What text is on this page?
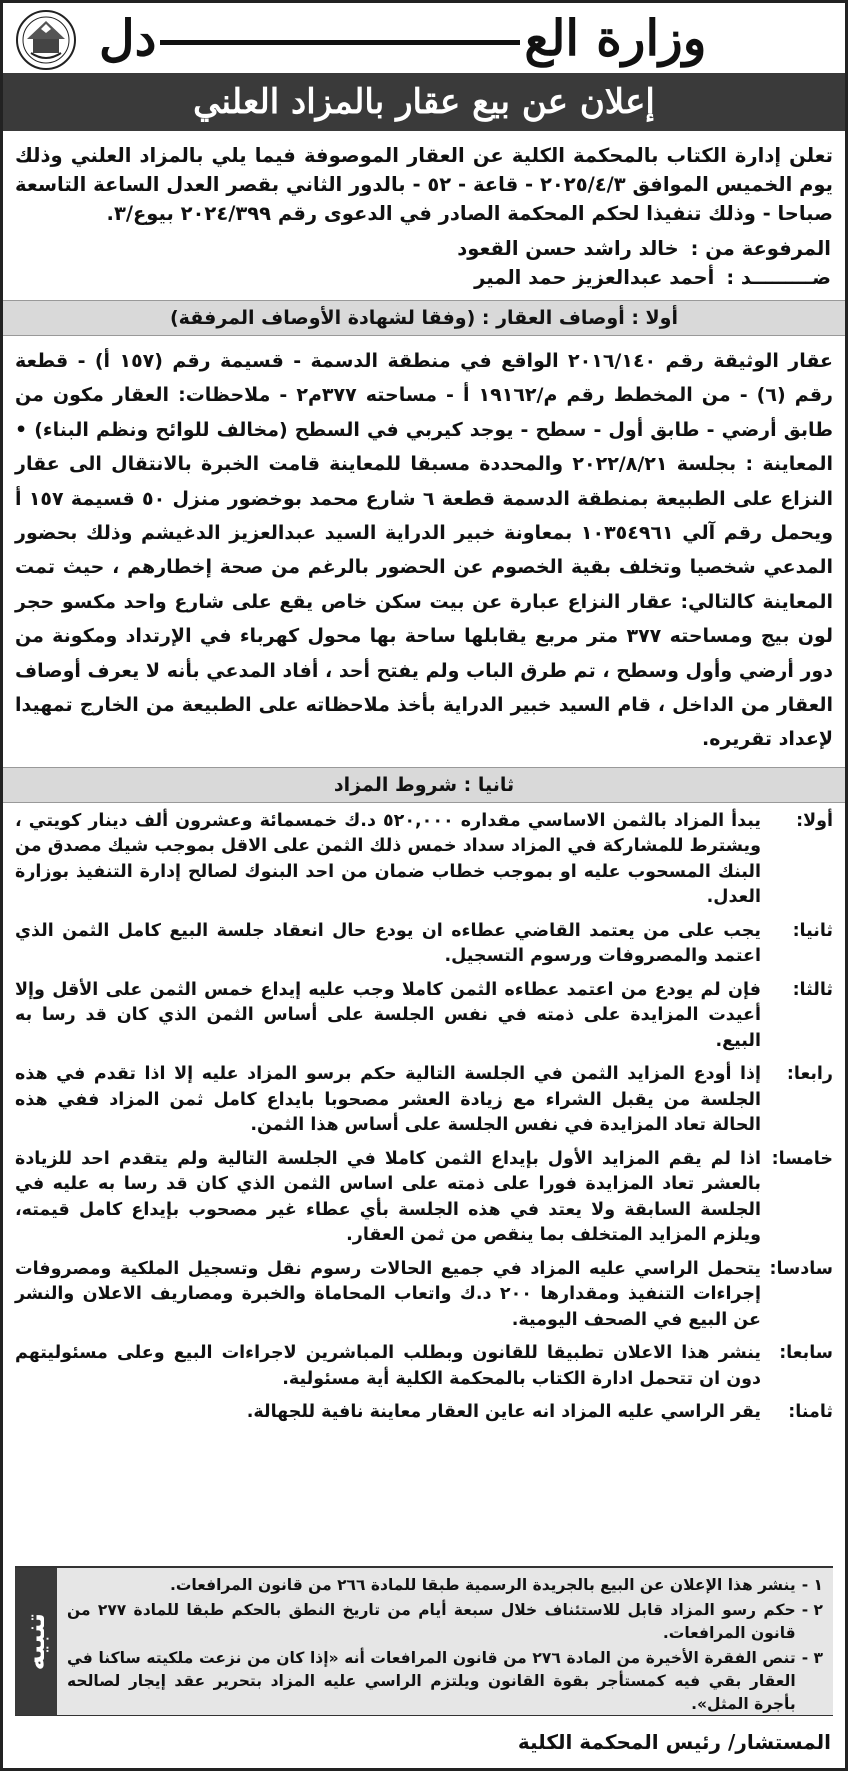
وزارة العدل
إعلان عن بيع عقار بالمزاد العلني

تعلن إدارة الكتاب بالمحكمة الكلية عن العقار الموصوفة فيما يلي بالمزاد العلني وذلك يوم الخميس الموافق ٢٠٢٥/٤/٣ - قاعة - ٥٢ - بالدور الثاني بقصر العدل الساعة التاسعة صباحا - وذلك تنفيذا لحكم المحكمة الصادر في الدعوى رقم ٢٠٢٤/٣٩٩ بيوع/٣.

المرفوعة من :
خالد راشد حسن القعود
ضـــــــــد :
أحمد عبدالعزيز حمد المير
أولا : أوصاف العقار : (وفقا لشهادة الأوصاف المرفقة)

عقار الوثيقة رقم ٢٠١٦/١٤٠ الواقع في منطقة الدسمة - قسيمة رقم (١٥٧ أ) - قطعة رقم (٦) - من المخطط رقم م/١٩١٦٢ أ - مساحته ٣٧٧م٢ - ملاحظات: العقار مكون من طابق أرضي - طابق أول - سطح - يوجد كيربي في السطح (مخالف للوائح ونظم البناء) • المعاينة : بجلسة ٢٠٢٢/٨/٢١ والمحددة مسبقا للمعاينة قامت الخبرة بالانتقال الى عقار النزاع على الطبيعة بمنطقة الدسمة قطعة ٦ شارع محمد بوخضور منزل ٥٠ قسيمة ١٥٧ أ ويحمل رقم آلي ١٠٣٥٤٩٦١ بمعاونة خبير الدراية السيد عبدالعزيز الدغيشم وذلك بحضور المدعي شخصيا وتخلف بقية الخصوم عن الحضور بالرغم من صحة إخطارهم ، حيث تمت المعاينة كالتالي: عقار النزاع عبارة عن بيت سكن خاص يقع على شارع واحد مكسو حجر لون بيج ومساحته ٣٧٧ متر مربع يقابلها ساحة بها محول كهرباء في الإرتداد ومكونة من دور أرضي وأول وسطح ، تم طرق الباب ولم يفتح أحد ، أفاد المدعي بأنه لا يعرف أوصاف العقار من الداخل ، قام السيد خبير الدراية بأخذ ملاحظاته على الطبيعة من الخارج تمهيدا لإعداد تقريره.

ثانيا : شروط المزاد
أولا:
يبدأ المزاد بالثمن الاساسي مقداره ٥٢٠,٠٠٠ د.ك خمسمائة وعشرون ألف دينار كويتي ، ويشترط للمشاركة في المزاد سداد خمس ذلك الثمن على الاقل بموجب شيك مصدق من البنك المسحوب عليه او بموجب خطاب ضمان من احد البنوك لصالح إدارة التنفيذ بوزارة العدل.
ثانيا:
يجب على من يعتمد القاضي عطاءه ان يودع حال انعقاد جلسة البيع كامل الثمن الذي اعتمد والمصروفات ورسوم التسجيل.
ثالثا:
فإن لم يودع من اعتمد عطاءه الثمن كاملا وجب عليه إيداع خمس الثمن على الأقل وإلا أعيدت المزايدة على ذمته في نفس الجلسة على أساس الثمن الذي كان قد رسا به البيع.
رابعا:
إذا أودع المزايد الثمن في الجلسة التالية حكم برسو المزاد عليه إلا اذا تقدم في هذه الجلسة من يقبل الشراء مع زيادة العشر مصحوبا بايداع كامل ثمن المزاد ففي هذه الحالة تعاد المزايدة في نفس الجلسة على أساس هذا الثمن.
خامسا:
اذا لم يقم المزايد الأول بإيداع الثمن كاملا في الجلسة التالية ولم يتقدم احد للزيادة بالعشر تعاد المزايدة فورا على ذمته على اساس الثمن الذي كان قد رسا به عليه في الجلسة السابقة ولا يعتد في هذه الجلسة بأي عطاء غير مصحوب بإيداع كامل قيمته، ويلزم المزايد المتخلف بما ينقص من ثمن العقار.
سادسا:
يتحمل الراسي عليه المزاد في جميع الحالات رسوم نقل وتسجيل الملكية ومصروفات إجراءات التنفيذ ومقدارها ٢٠٠ د.ك واتعاب المحاماة والخبرة ومصاريف الاعلان والنشر عن البيع في الصحف اليومية.
سابعا:
ينشر هذا الاعلان تطبيقا للقانون وبطلب المباشرين لاجراءات البيع وعلى مسئوليتهم دون ان تتحمل ادارة الكتاب بالمحكمة الكلية أية مسئولية.
ثامنا:
يقر الراسي عليه المزاد انه عاين العقار معاينة نافية للجهالة.
تنبيه
١ -
ينشر هذا الإعلان عن البيع بالجريدة الرسمية طبقا للمادة ٢٦٦ من قانون المرافعات.
٢ -
حكم رسو المزاد قابل للاستئناف خلال سبعة أيام من تاريخ النطق بالحكم طبقا للمادة ٢٧٧ من قانون المرافعات.
٣ -
تنص الفقرة الأخيرة من المادة ٢٧٦ من قانون المرافعات أنه «إذا كان من نزعت ملكيته ساكنا في العقار بقي فيه كمستأجر بقوة القانون ويلتزم الراسي عليه المزاد بتحرير عقد إيجار لصالحه بأجرة المثل».
المستشار/ رئيس المحكمة الكلية
